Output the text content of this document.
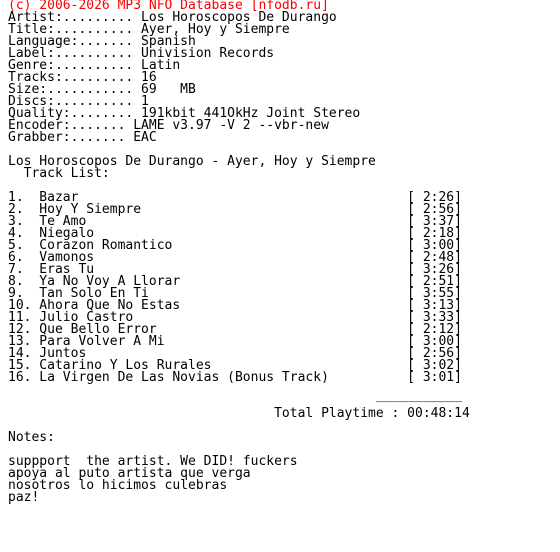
(c) 2006-2026 MP3 NFO Database [nfodb.ru]
Artist:......... Los Horoscopos De Durango
Title:.......... Ayer, Hoy y Siempre
Language:....... Spanish
Label:.......... Univision Records
Genre:.......... Latin
Tracks:......... 16
Size:........... 69   MB
Discs:.......... 1
Quality:........ 191kbit 441OkHz Joint Stereo
Encoder:....... LAME v3.97 -V 2 --vbr-new
Grabber:....... EAC
Los Horoscopos De Durango - Ayer, Hoy y Siempre
Track List:
1.  Bazar                                          [ 2:26]
2.  Hoy Y Siempre                                  [ 2:56]
3.  Te Amo                                         [ 3:37]
4.  Niegalo                                        [ 2:18]
5.  Corazon Romantico                              [ 3:00]
6.  Vamonos                                        [ 2:48]
7.  Eras Tu                                        [ 3:26]
8.  Ya No Voy A Llorar                             [ 2:51]
9.  Tan Solo En Ti                                 [ 3:55]
10. Ahora Que No Estas                             [ 3:13]
11. Julio Castro                                   [ 3:33]
12. Que Bello Error                                [ 2:12]
13. Para Volver A Mi                               [ 3:00]
14. Juntos                                         [ 2:56]
15. Catarino Y Los Rurales                         [ 3:02]
16. La Virgen De Las Novias (Bonus Track)          [ 3:01]
___________
Total Playtime : 00:48:14
Notes:
suppport  the artist. We DID! fuckers
apoya al puto artista que verga
nosotros lo hicimos culebras
paz!
